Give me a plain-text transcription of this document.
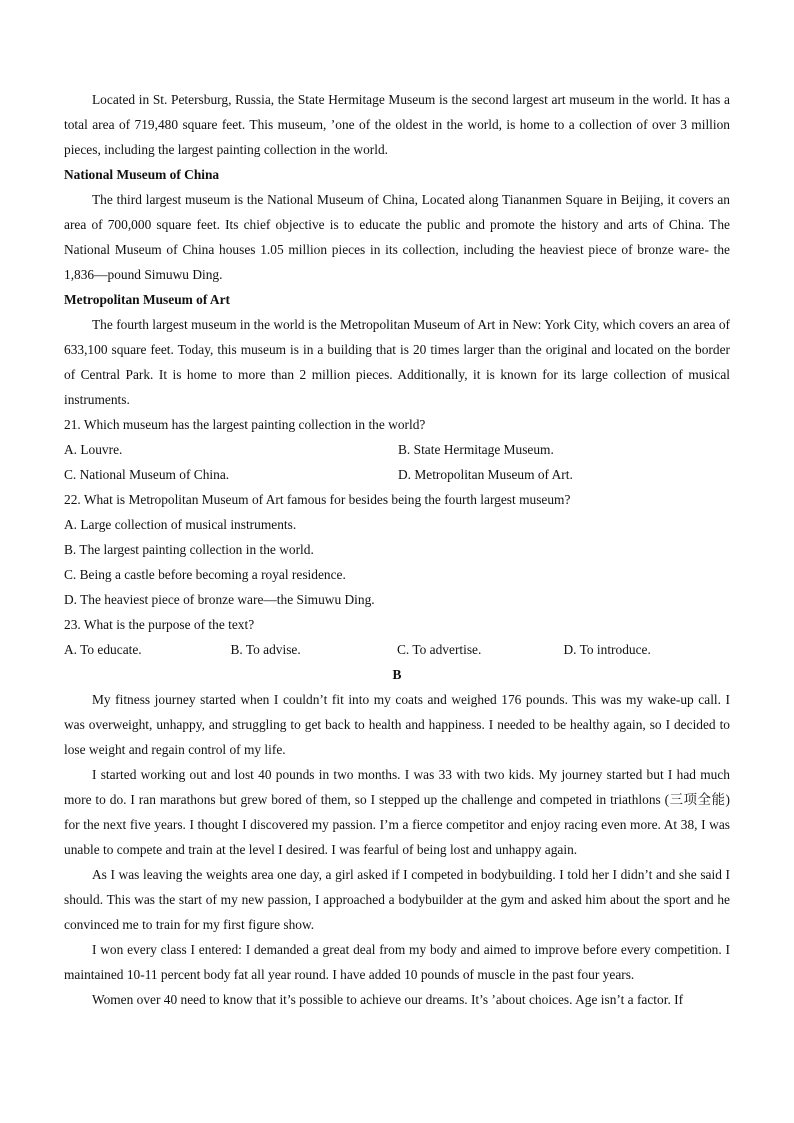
Located in St. Petersburg, Russia, the State Hermitage Museum is the second largest art museum in the world. It has a total area of 719,480 square feet. This museum, ’one of the oldest in the world, is home to a collection of over 3 million pieces, including the largest painting collection in the world.

National Museum of China

The third largest museum is the National Museum of China, Located along Tiananmen Square in Beijing, it covers an area of 700,000 square feet. Its chief objective is to educate the public and promote the history and arts of China. The National Museum of China houses 1.05 million pieces in its collection, including the heaviest piece of bronze ware- the 1,836—pound Simuwu Ding.

Metropolitan Museum of Art

The fourth largest museum in the world is the Metropolitan Museum of Art in New: York City, which covers an area of 633,100 square feet. Today, this museum is in a building that is 20 times larger than the original and located on the border of Central Park. It is home to more than 2 million pieces. Additionally, it is known for its large collection of musical instruments.

21. Which museum has the largest painting collection in the world?

A. Louvre.	B. State Hermitage Museum.
C. National Museum of China.	D. Metropolitan Museum of Art.

22. What is Metropolitan Museum of Art famous for besides being the fourth largest museum?

A. Large collection of musical instruments.

B. The largest painting collection in the world.

C. Being a castle before becoming a royal residence.

D. The heaviest piece of bronze ware—the Simuwu Ding.

23. What is the purpose of the text?

A. To educate.	B. To advise.	C. To advertise.	D. To introduce.

B

My fitness journey started when I couldn’t fit into my coats and weighed 176 pounds. This was my wake-up call. I was overweight, unhappy, and struggling to get back to health and happiness. I needed to be healthy again, so I decided to lose weight and regain control of my life.

I started working out and lost 40 pounds in two months. I was 33 with two kids. My journey started but I had much more to do. I ran marathons but grew bored of them, so I stepped up the challenge and competed in triathlons (三项全能) for the next five years. I thought I discovered my passion. I’m a fierce competitor and enjoy racing even more. At 38, I was unable to compete and train at the level I desired. I was fearful of being lost and unhappy again.

As I was leaving the weights area one day, a girl asked if I competed in bodybuilding. I told her I didn’t and she said I should. This was the start of my new passion, I approached a bodybuilder at the gym and asked him about the sport and he convinced me to train for my first figure show.

I won every class I entered: I demanded a great deal from my body and aimed to improve before every competition. I maintained 10-11 percent body fat all year round. I have added 10 pounds of muscle in the past four years.

Women over 40 need to know that it’s possible to achieve our dreams. It’s ’about choices. Age isn’t a factor. If
